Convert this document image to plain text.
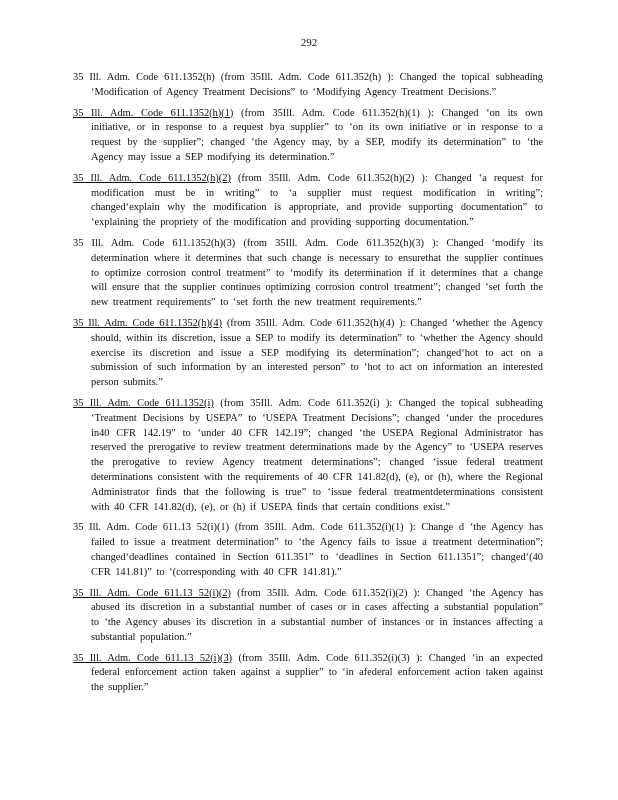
292

35 Ill. Adm. Code 611.1352(h) (from 35Ill. Adm. Code 611.352(h) ): Changed the topical subheading ‘Modification of Agency Treatment Decisions” to ‘Modifying Agency Treatment Decisions.”

35 Ill. Adm. Code 611.1352(h)(1) (from 35Ill. Adm. Code 611.352(h)(1) ): Changed ‘on its own initiative, or in response to a request bya supplier” to ‘on its own initiative or in response to a request by the supplier”; changed ‘the Agency may, by a SEP, modify its determination” to ‘the Agency may issue a SEP modifying its determination.”

35 Ill. Adm. Code 611.1352(h)(2) (from 35Ill. Adm. Code 611.352(h)(2) ): Changed ‘a request for modification must be in writing” to ‘a supplier must request modification in writing”; changed‘explain why the modification is appropriate, and provide supporting documentation” to ‘explaining the propriety of the modification and providing supporting documentation.”

35 Ill. Adm. Code 611.1352(h)(3) (from 35Ill. Adm. Code 611.352(h)(3) ): Changed ‘modify its determination where it determines that such change is necessary to ensurethat the supplier continues to optimize corrosion control treatment” to ‘modify its determination if it determines that a change will ensure that the supplier continues optimizing corrosion control treatment”; changed ‘set forth the new treatment requirements” to ‘set forth the new treatment requirements.”

35 Ill. Adm. Code 611.1352(h)(4) (from 35Ill. Adm. Code 611.352(h)(4) ): Changed ‘whether the Agency should, within its discretion, issue a SEP to modify its determination” to ‘whether the Agency should exercise its discretion and issue a SEP modifying its determination”; changed‘hot to act on a submission of such information by an interested person” to ‘hot to act on information an interested person submits.”

35 Ill. Adm. Code 611.1352(i) (from 35Ill. Adm. Code 611.352(i) ): Changed the topical subheading ‘Treatment Decisions by USEPA” to ‘USEPA Treatment Decisions”; changed ‘under the procedures in40 CFR 142.19” to ‘under 40 CFR 142.19”; changed ‘the USEPA Regional Administrator has reserved the prerogative to review treatment determinations made by the Agency” to ‘USEPA reserves the prerogative to review Agency treatment determinations”; changed ‘issue federal treatment determinations consistent with the requirements of 40 CFR 141.82(d), (e), or (h), where the Regional Administrator finds that the following is true” to ‘issue federal treatmentdeterminations consistent with 40 CFR 141.82(d), (e), or (h) if USEPA finds that certain conditions exist.”

35 Ill. Adm. Code 611.13 52(i)(1) (from 35Ill. Adm. Code 611.352(i)(1) ): Change d ‘the Agency has failed to issue a treatment determination” to ‘the Agency fails to issue a treatment determination”; changed‘deadlines contained in Section 611.351” to ‘deadlines in Section 611.1351”; changed‘(40 CFR 141.81)” to ‘(corresponding with 40 CFR 141.81).”

35 Ill. Adm. Code 611.13 52(i)(2) (from 35Ill. Adm. Code 611.352(i)(2) ): Changed ‘the Agency has abused its discretion in a substantial number of cases or in cases affecting a substantial population” to ‘the Agency abuses its discretion in a substantial number of instances or in instances affecting a substantial population.”

35 Ill. Adm. Code 611.13 52(i)(3) (from 35Ill. Adm. Code 611.352(i)(3) ): Changed ‘in an expected federal enforcement action taken against a supplier” to ‘in afederal enforcement action taken against the supplier.”
